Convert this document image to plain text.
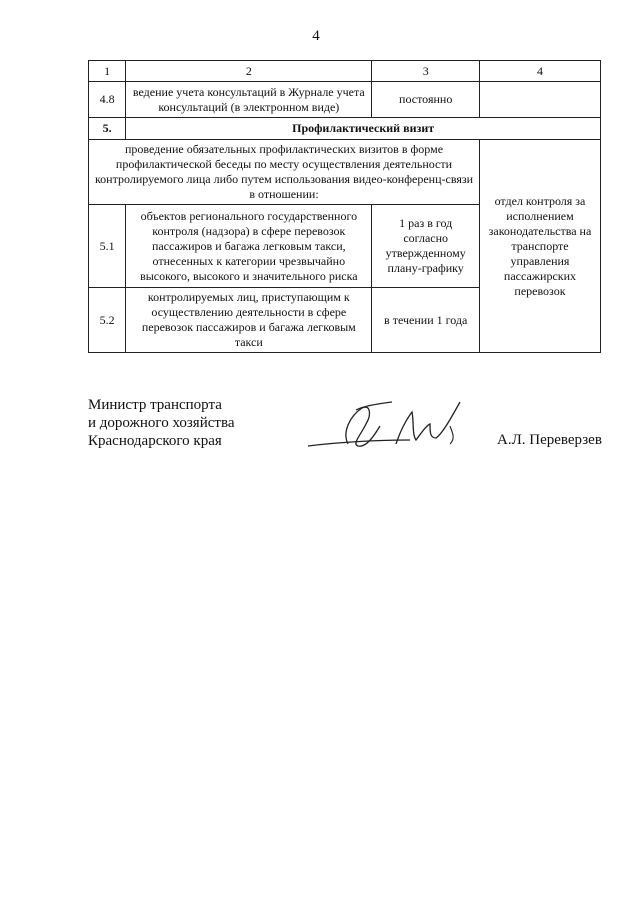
4
1	2	3	4
4.8	ведение учета консультаций в Журнале учета консультаций (в электронном виде)	постоянно	
5.	Профилактический визит		
проведение обязательных профилактических визитов в форме профилактической беседы по месту осуществления деятельности контролируемого лица либо путем использования видео-конференц-связи в отношении:			отдел контроля за исполнением законодательства на транспорте управления пассажирских перевозок
5.1	объектов регионального государственного контроля (надзора) в сфере перевозок пассажиров и багажа легковым такси, отнесенных к категории чрезвычайно высокого, высокого и значительного риска	1 раз в год согласно утвержденному плану-графику	
5.2	контролируемых лиц, приступающим к осуществлению деятельности в сфере перевозок пассажиров и багажа легковым такси	в течении 1 года	
Министр транспорта
и дорожного хозяйства
Краснодарского края	А.Л. Переверзев
